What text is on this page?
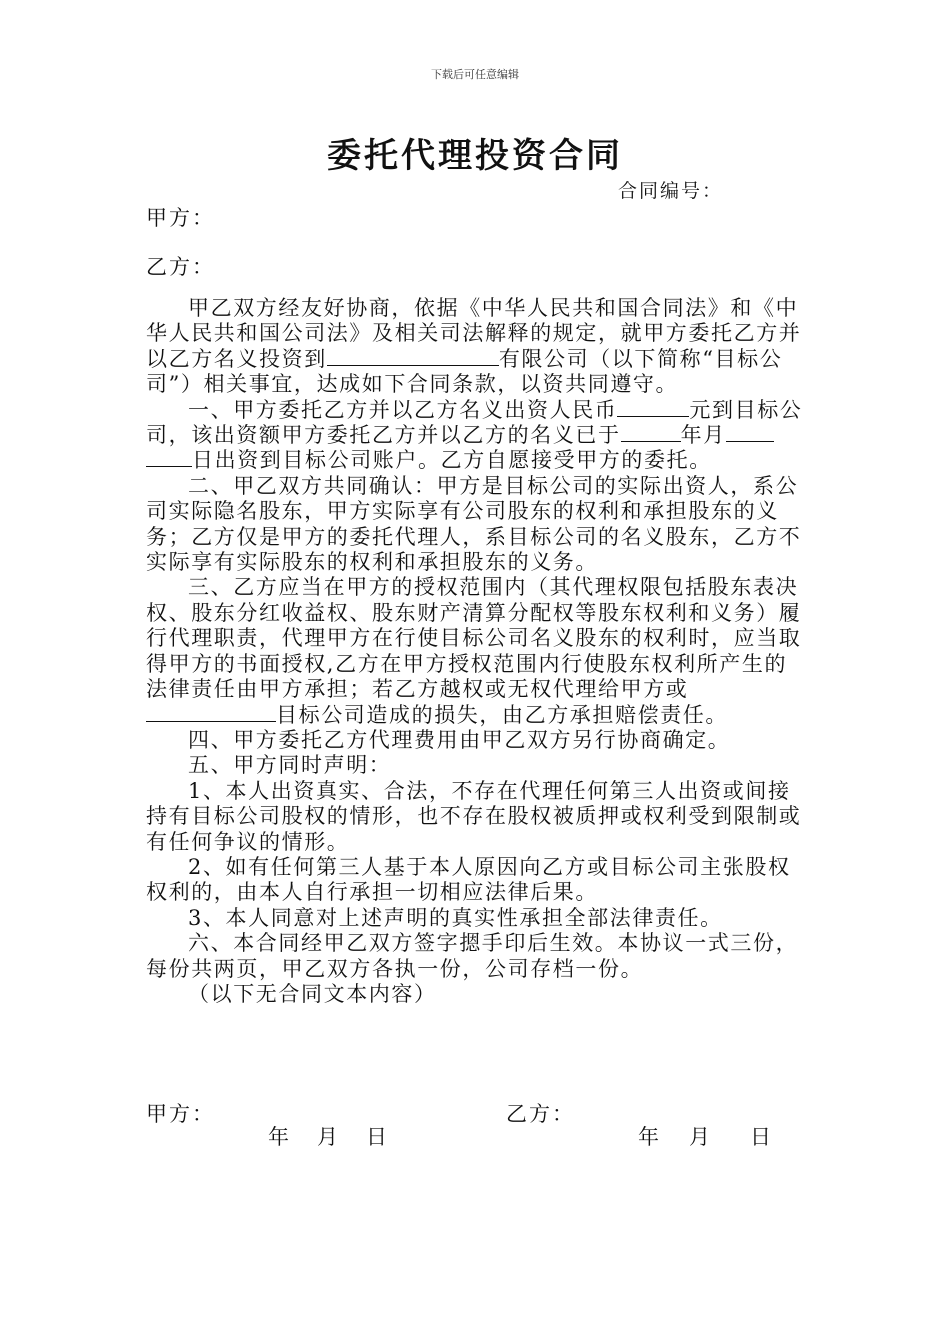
下载后可任意编辑
委托代理投资合同
合同编号：
甲方：
乙方：

甲乙双方经友好协商，依据《中华人民共和国合同法》和《中华人民共和国公司法》及相关司法解释的规定，就甲方委托乙方并以乙方名义投资到	有限公司（以下简称“目标公司”）相关事宜，达成如下合同条款，以资共同遵守。

一、甲方委托乙方并以乙方名义出资人民币	元到目标公司，该出资额甲方委托乙方并以乙方的名义已于	年月
日出资到目标公司账户。乙方自愿接受甲方的委托。

二、甲乙双方共同确认：甲方是目标公司的实际出资人，系公司实际隐名股东，甲方实际享有公司股东的权利和承担股东的义务；乙方仅是甲方的委托代理人，系目标公司的名义股东，乙方不实际享有实际股东的权利和承担股东的义务。

三、乙方应当在甲方的授权范围内（其代理权限包括股东表决权、股东分红收益权、股东财产清算分配权等股东权利和义务）履行代理职责，代理甲方在行使目标公司名义股东的权利时，应当取得甲方的书面授权,乙方在甲方授权范围内行使股东权利所产生的法律责任由甲方承担；若乙方越权或无权代理给甲方或目标公司造成的损失，由乙方承担赔偿责任。

四、甲方委托乙方代理费用由甲乙双方另行协商确定。

五、甲方同时声明：

1、本人出资真实、合法，不存在代理任何第三人出资或间接持有目标公司股权的情形，也不存在股权被质押或权利受到限制或有任何争议的情形。

2、如有任何第三人基于本人原因向乙方或目标公司主张股权权利的，由本人自行承担一切相应法律后果。

3、本人同意对上述声明的真实性承担全部法律责任。

六、本合同经甲乙双方签字摁手印后生效。本协议一式三份，每份共两页，甲乙双方各执一份，公司存档一份。

（以下无合同文本内容）

甲方：	乙方：
年 月 日	年 月 日
